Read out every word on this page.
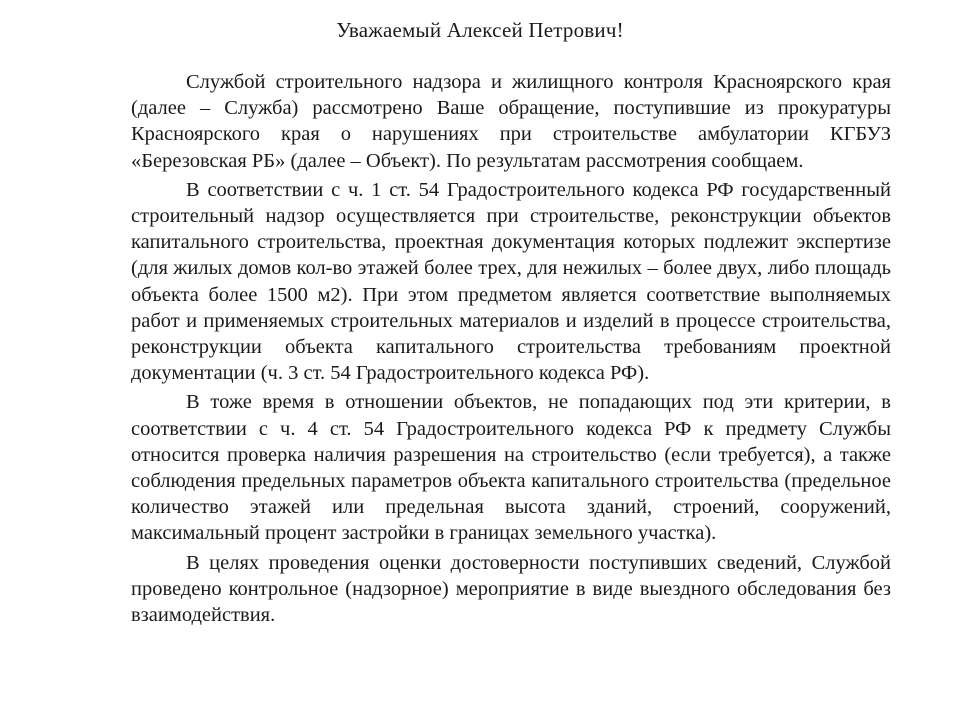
Уважаемый Алексей Петрович!

Службой строительного надзора и жилищного контроля Красноярского края (далее – Служба) рассмотрено Ваше обращение, поступившие из прокуратуры Красноярского края о нарушениях при строительстве амбулатории КГБУЗ «Березовская РБ» (далее – Объект). По результатам рассмотрения сообщаем.

В соответствии с ч. 1 ст. 54 Градостроительного кодекса РФ государственный строительный надзор осуществляется при строительстве, реконструкции объектов капитального строительства, проектная документация которых подлежит экспертизе (для жилых домов кол-во этажей более трех, для нежилых – более двух, либо площадь объекта более 1500 м2). При этом предметом является соответствие выполняемых работ и применяемых строительных материалов и изделий в процессе строительства, реконструкции объекта капитального строительства требованиям проектной документации (ч. 3 ст. 54 Градостроительного кодекса РФ).

В тоже время в отношении объектов, не попадающих под эти критерии, в соответствии с ч. 4 ст. 54 Градостроительного кодекса РФ к предмету Службы относится проверка наличия разрешения на строительство (если требуется), а также соблюдения предельных параметров объекта капитального строительства (предельное количество этажей или предельная высота зданий, строений, сооружений, максимальный процент застройки в границах земельного участка).

В целях проведения оценки достоверности поступивших сведений, Службой проведено контрольное (надзорное) мероприятие в виде выездного обследования без взаимодействия.
